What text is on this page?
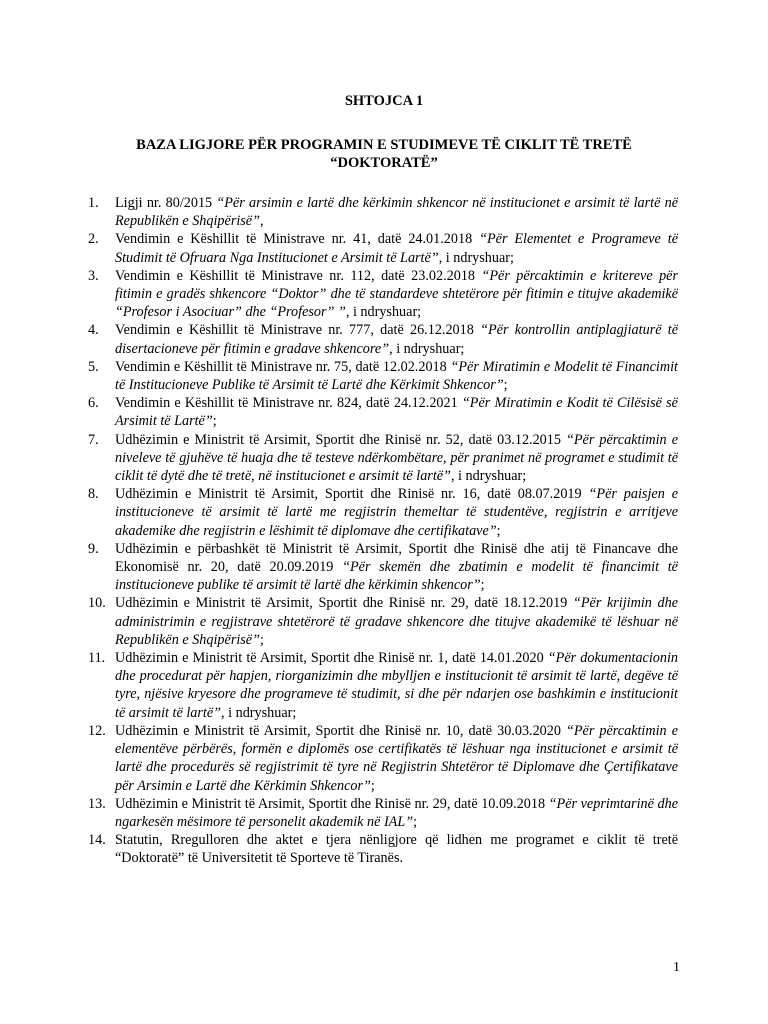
SHTOJCA 1
BAZA LIGJORE PËR PROGRAMIN E STUDIMEVE TË CIKLIT TË TRETË
“DOKTORATË”
1. Ligji nr. 80/2015 “Për arsimin e lartë dhe kërkimin shkencor në institucionet e arsimit të lartë në Republikën e Shqipërisë”,
2. Vendimin e Këshillit të Ministrave nr. 41, datë 24.01.2018 “Për Elementet e Programeve të Studimit të Ofruara Nga Institucionet e Arsimit të Lartë”, i ndryshuar;
3. Vendimin e Këshillit të Ministrave nr. 112, datë 23.02.2018 “Për përcaktimin e kritereve për fitimin e gradës shkencore “Doktor” dhe të standardeve shtetërore për fitimin e titujve akademikë “Profesor i Asociuar” dhe “Profesor” ”, i ndryshuar;
4. Vendimin e Këshillit të Ministrave nr. 777, datë 26.12.2018 “Për kontrollin antiplagjiaturë të disertacioneve për fitimin e gradave shkencore”, i ndryshuar;
5. Vendimin e Këshillit të Ministrave nr. 75, datë 12.02.2018 “Për Miratimin e Modelit të Financimit të Institucioneve Publike të Arsimit të Lartë dhe Kërkimit Shkencor”;
6. Vendimin e Këshillit të Ministrave nr. 824, datë 24.12.2021 “Për Miratimin e Kodit të Cilësisë së Arsimit të Lartë”;
7. Udhëzimin e Ministrit të Arsimit, Sportit dhe Rinisë nr. 52, datë 03.12.2015 “Për përcaktimin e niveleve të gjuhëve të huaja dhe të testeve ndërkombëtare, për pranimet në programet e studimit të ciklit të dytë dhe të tretë, në institucionet e arsimit të lartë”, i ndryshuar;
8. Udhëzimin e Ministrit të Arsimit, Sportit dhe Rinisë nr. 16, datë 08.07.2019 “Për paisjen e institucioneve të arsimit të lartë me regjistrin themeltar të studentëve, regjistrin e arritjeve akademike dhe regjistrin e lëshimit të diplomave dhe certifikatave”;
9. Udhëzimin e përbashkët të Ministrit të Arsimit, Sportit dhe Rinisë dhe atij të Financave dhe Ekonomisë nr. 20, datë 20.09.2019 “Për skemën dhe zbatimin e modelit të financimit të institucioneve publike të arsimit të lartë dhe kërkimin shkencor”;
10. Udhëzimin e Ministrit të Arsimit, Sportit dhe Rinisë nr. 29, datë 18.12.2019 “Për krijimin dhe administrimin e regjistrave shtetërorë të gradave shkencore dhe titujve akademikë të lëshuar në Republikën e Shqipërisë”;
11. Udhëzimin e Ministrit të Arsimit, Sportit dhe Rinisë nr. 1, datë 14.01.2020 “Për dokumentacionin dhe procedurat për hapjen, riorganizimin dhe mbylljen e institucionit të arsimit të lartë, degëve të tyre, njësive kryesore dhe programeve të studimit, si dhe për ndarjen ose bashkimin e institucionit të arsimit të lartë”, i ndryshuar;
12. Udhëzimin e Ministrit të Arsimit, Sportit dhe Rinisë nr. 10, datë 30.03.2020 “Për përcaktimin e elementëve përbërës, formën e diplomës ose certifikatës të lëshuar nga institucionet e arsimit të lartë dhe procedurës së regjistrimit të tyre në Regjistrin Shtetëror të Diplomave dhe Çertifikatave për Arsimin e Lartë dhe Kërkimin Shkencor”;
13. Udhëzimin e Ministrit të Arsimit, Sportit dhe Rinisë nr. 29, datë 10.09.2018 “Për veprimtarinë dhe ngarkesën mësimore të personelit akademik në IAL”;
14. Statutin, Rregulloren dhe aktet e tjera nënligjore që lidhen me programet e ciklit të tretë “Doktoratë” të Universitetit të Sporteve të Tiranës.
1
